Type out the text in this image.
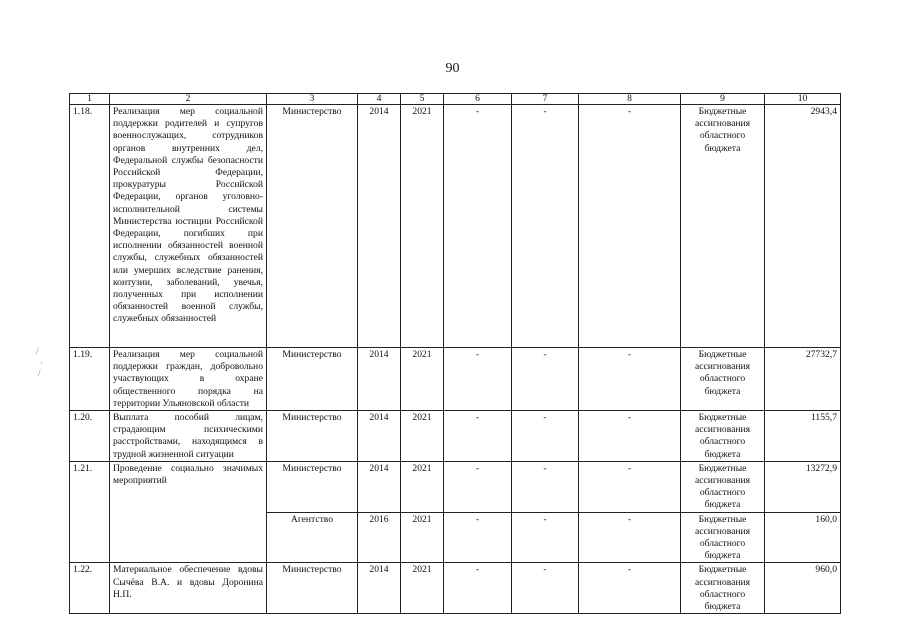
90
1	2	3	4	5	6	7	8	9	10
1.18.	Реализация мер социальной поддержки родителей и супругов военнослужащих, сотрудников органов внутренних дел, Федеральной службы безопасности Российской Федерации, прокуратуры Российской Федерации, органов уголовно-исполнительной системы Министерства юстиции Российской Федерации, погибших при исполнении обязанностей военной службы, служебных обязанностей или умерших вследствие ранения, контузии, заболеваний, увечья, полученных при исполнении обязанностей военной службы, служебных обязанностей	Министерство	2014	2021	-	-	-	Бюджетные ассигнования областного бюджета	2943,4
1.19.	Реализация мер социальной поддержки граждан, добровольно участвующих в охране общественного порядка на территории Ульяновской области	Министерство	2014	2021	-	-	-	Бюджетные ассигнования областного бюджета	27732,7
1.20.	Выплата пособий лицам, страдающим психическими расстройствами, находящимся в трудной жизненной ситуации	Министерство	2014	2021	-	-	-	Бюджетные ассигнования областного бюджета	1155,7
1.21.	Проведение социально значимых мероприятий	Министерство	2014	2021	-	-	-	Бюджетные ассигнования областного бюджета	13272,9
		Агентство	2016	2021	-	-	-	Бюджетные ассигнования областного бюджета	160,0
1.22.	Материальное обеспечение вдовы Сычёва В.А. и вдовы Доронина Н.П.	Министерство	2014	2021	-	-	-	Бюджетные ассигнования областного бюджета	960,0
/
·
/
